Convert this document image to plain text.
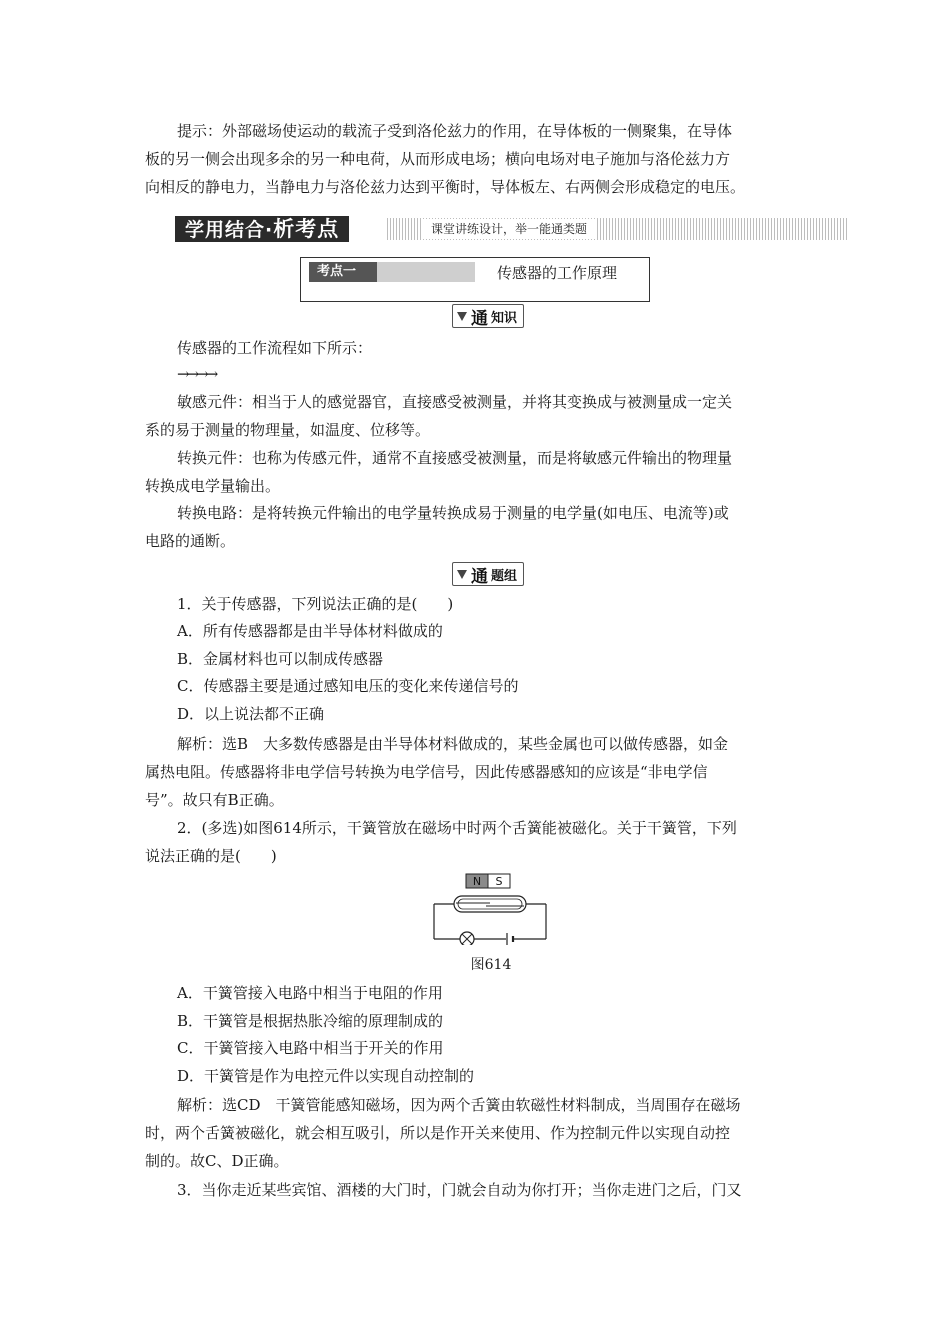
提示：外部磁场使运动的载流子受到洛伦兹力的作用，在导体板的一侧聚集，在导体
板的另一侧会出现多余的另一种电荷，从而形成电场；横向电场对电子施加与洛伦兹力方
向相反的静电力，当静电力与洛伦兹力达到平衡时，导体板左、右两侧会形成稳定的电压。
学用结合·析考点	课堂讲练设计，举一能通类题
考点一	传感器的工作原理
通 知识
传感器的工作流程如下所示：
→→→→
敏感元件：相当于人的感觉器官，直接感受被测量，并将其变换成与被测量成一定关
系的易于测量的物理量，如温度、位移等。
转换元件：也称为传感元件，通常不直接感受被测量，而是将敏感元件输出的物理量
转换成电学量输出。
转换电路：是将转换元件输出的电学量转换成易于测量的电学量(如电压、电流等)或
电路的通断。
通 题组
1．关于传感器，下列说法正确的是(　　)
A．所有传感器都是由半导体材料做成的
B．金属材料也可以制成传感器
C．传感器主要是通过感知电压的变化来传递信号的
D．以上说法都不正确
解析：选B　大多数传感器是由半导体材料做成的，某些金属也可以做传感器，如金
属热电阻。传感器将非电学信号转换为电学信号，因此传感器感知的应该是“非电学信
号”。故只有B正确。
2．(多选)如图614所示，干簧管放在磁场中时两个舌簧能被磁化。关于干簧管，下列
说法正确的是(　　)
N S
图614
A．干簧管接入电路中相当于电阻的作用
B．干簧管是根据热胀冷缩的原理制成的
C．干簧管接入电路中相当于开关的作用
D．干簧管是作为电控元件以实现自动控制的
解析：选CD　干簧管能感知磁场，因为两个舌簧由软磁性材料制成，当周围存在磁场
时，两个舌簧被磁化，就会相互吸引，所以是作开关来使用、作为控制元件以实现自动控
制的。故C、D正确。
3．当你走近某些宾馆、酒楼的大门时，门就会自动为你打开；当你走进门之后，门又
